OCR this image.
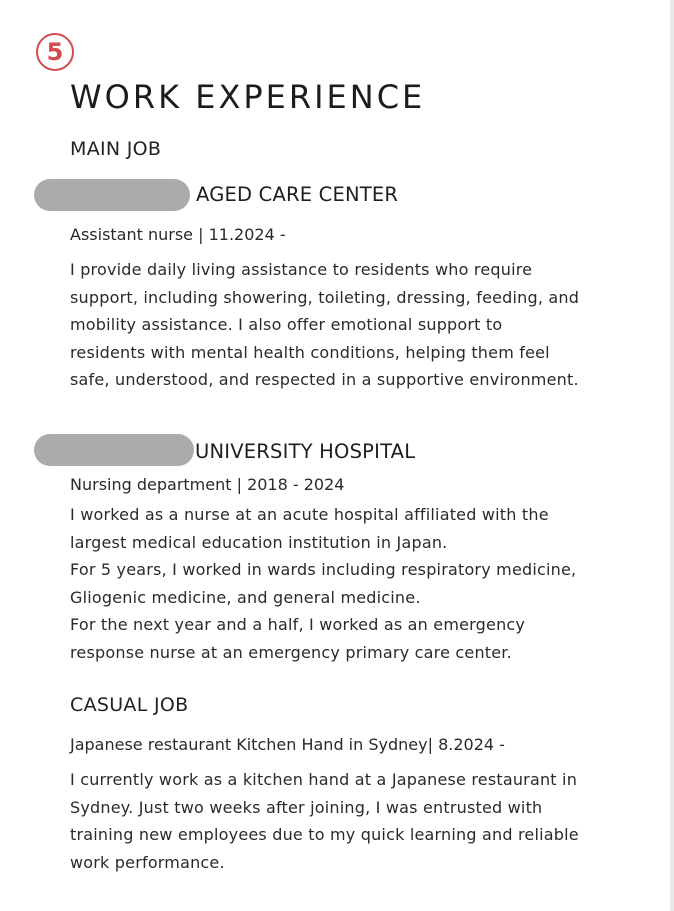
5
WORK EXPERIENCE
MAIN JOB
AGED CARE CENTER
Assistant nurse | 11.2024 -
I provide daily living assistance to residents who require
support, including showering, toileting, dressing, feeding, and
mobility assistance. I also offer emotional support to
residents with mental health conditions, helping them feel
safe, understood, and respected in a supportive environment.
UNIVERSITY HOSPITAL
Nursing department | 2018 - 2024
I worked as a nurse at an acute hospital affiliated with the
largest medical education institution in Japan.
For 5 years, I worked in wards including respiratory medicine,
Gliogenic medicine, and general medicine.
For the next year and a half, I worked as an emergency
response nurse at an emergency primary care center.
CASUAL JOB
Japanese restaurant Kitchen Hand in Sydney| 8.2024 -
I currently work as a kitchen hand at a Japanese restaurant in
Sydney. Just two weeks after joining, I was entrusted with
training new employees due to my quick learning and reliable
work performance.
